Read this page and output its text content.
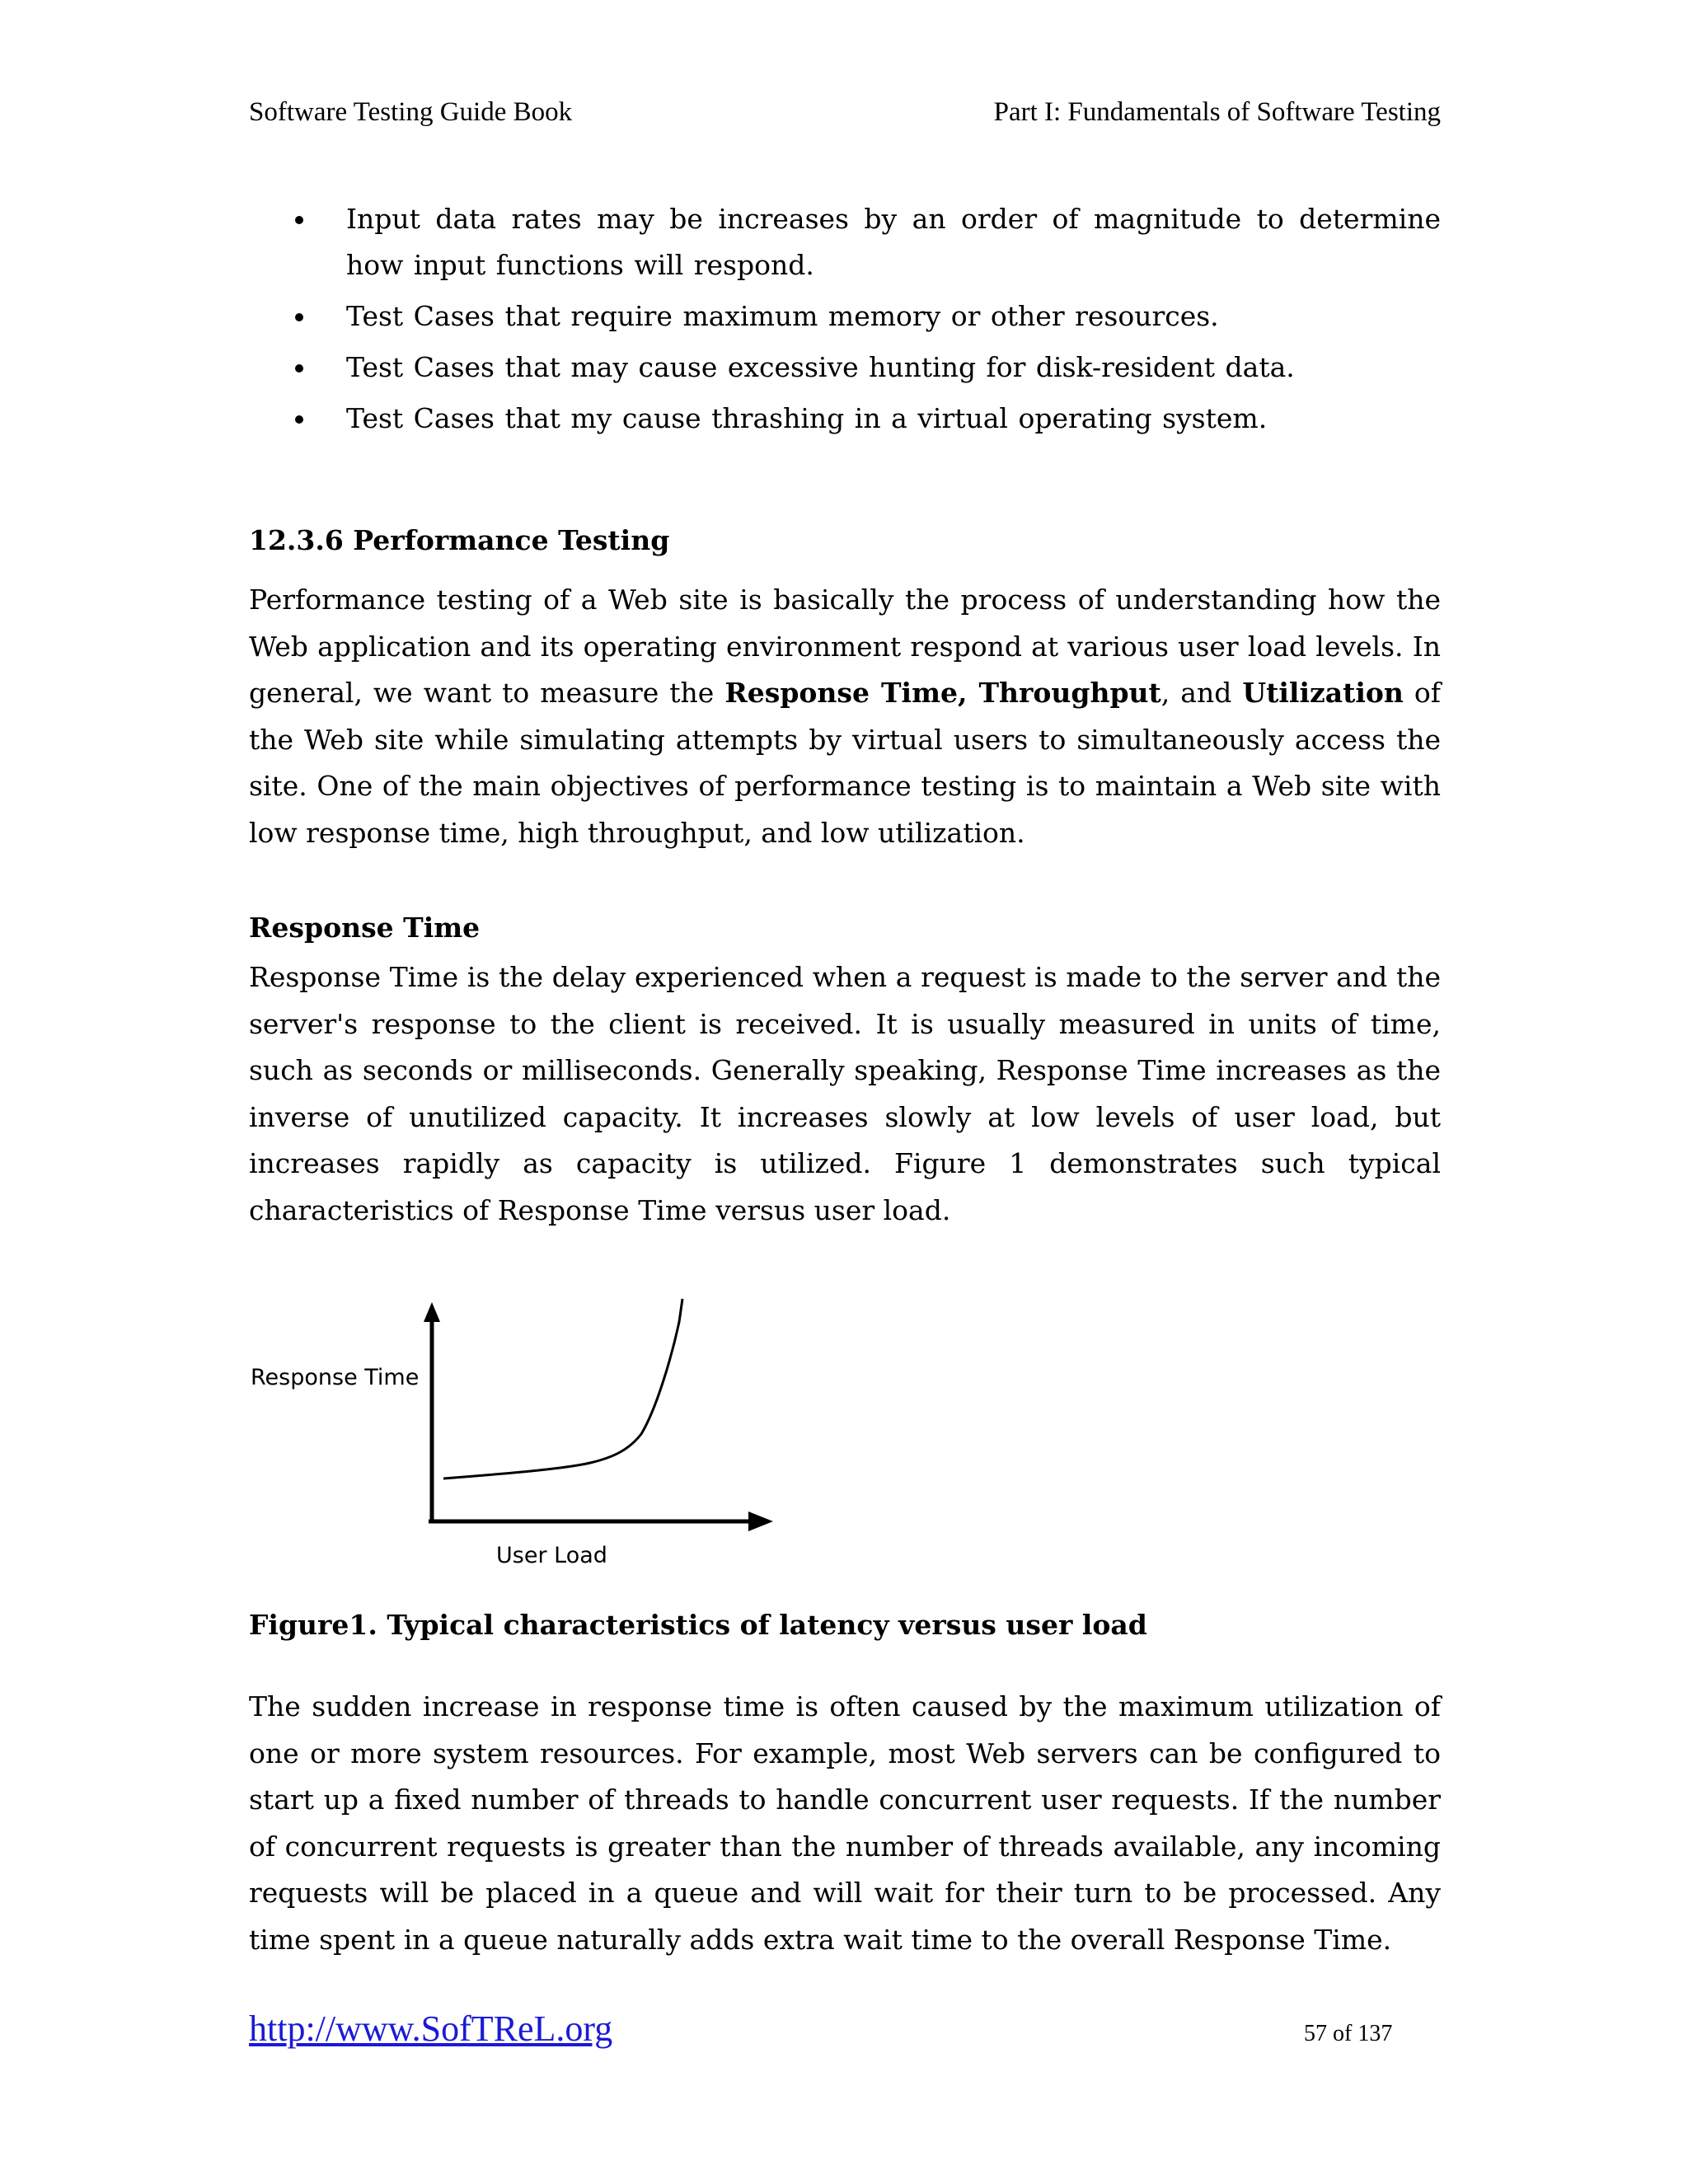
Software Testing Guide Book	Part I: Fundamentals of Software Testing
Input data rates may be increases by an order of magnitude to determine how input functions will respond.
Test Cases that require maximum memory or other resources.
Test Cases that may cause excessive hunting for disk-resident data.
Test Cases that my cause thrashing in a virtual operating system.
12.3.6 Performance Testing
Performance testing of a Web site is basically the process of understanding how the Web application and its operating environment respond at various user load levels. In general, we want to measure the Response Time, Throughput, and Utilization of the Web site while simulating attempts by virtual users to simultaneously access the site. One of the main objectives of performance testing is to maintain a Web site with low response time, high throughput, and low utilization.
Response Time
Response Time is the delay experienced when a request is made to the server and the server's response to the client is received. It is usually measured in units of time, such as seconds or milliseconds. Generally speaking, Response Time increases as the inverse of unutilized capacity. It increases slowly at low levels of user load, but increases rapidly as capacity is utilized. Figure 1 demonstrates such typical characteristics of Response Time versus user load.
Response Time
User Load
Figure1. Typical characteristics of latency versus user load
The sudden increase in response time is often caused by the maximum utilization of one or more system resources. For example, most Web servers can be configured to start up a fixed number of threads to handle concurrent user requests. If the number of concurrent requests is greater than the number of threads available, any incoming requests will be placed in a queue and will wait for their turn to be processed. Any time spent in a queue naturally adds extra wait time to the overall Response Time.
http://www.SofTReL.org	57 of 137
